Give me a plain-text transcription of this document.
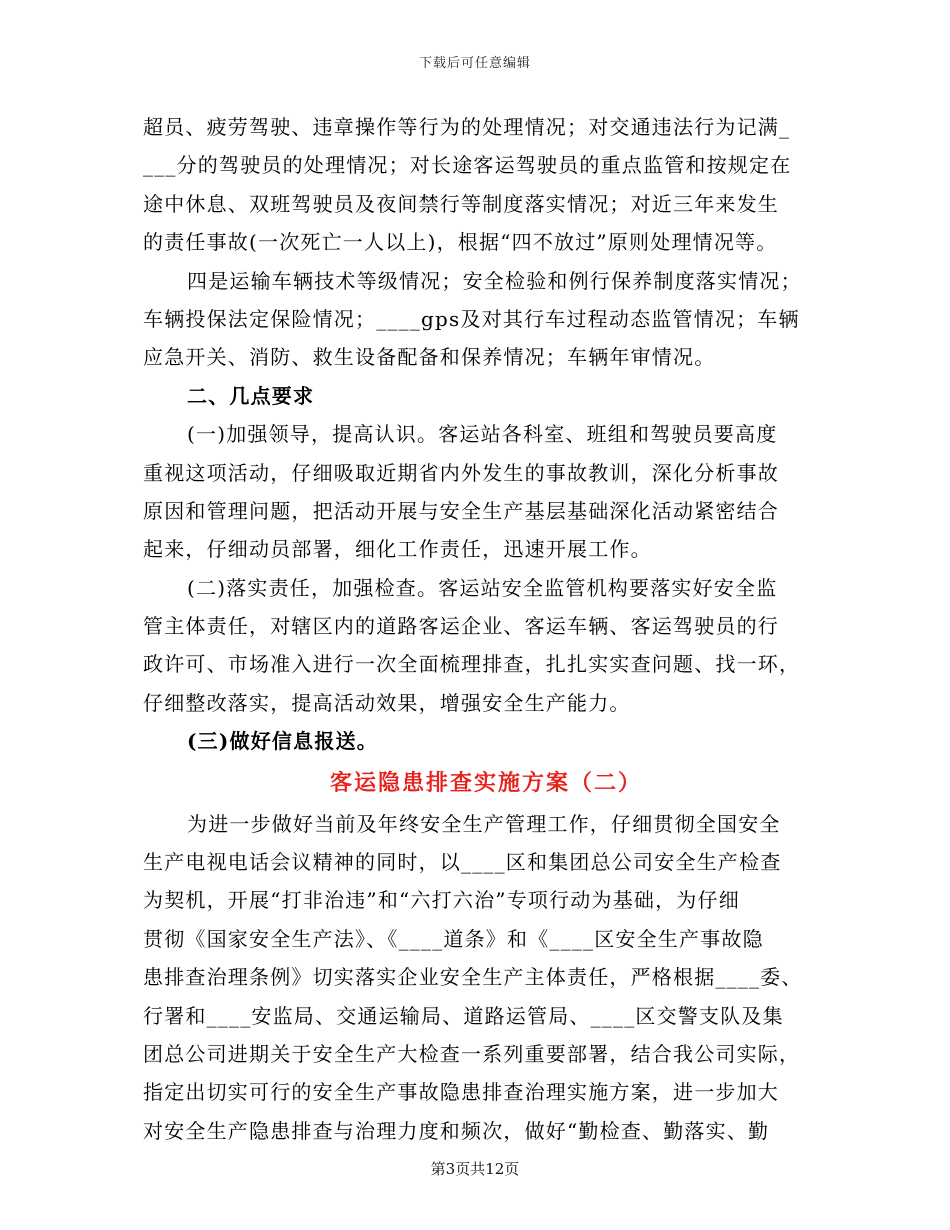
下载后可任意编辑
超员、疲劳驾驶、违章操作等行为的处理情况；对交通违法行为记满_
___分的驾驶员的处理情况；对长途客运驾驶员的重点监管和按规定在
途中休息、双班驾驶员及夜间禁行等制度落实情况；对近三年来发生
的责任事故(一次死亡一人以上)，根据“四不放过”原则处理情况等。
四是运输车辆技术等级情况；安全检验和例行保养制度落实情况；
车辆投保法定保险情况；____gps及对其行车过程动态监管情况；车辆
应急开关、消防、救生设备配备和保养情况；车辆年审情况。
二、几点要求
(一)加强领导，提高认识。客运站各科室、班组和驾驶员要高度
重视这项活动，仔细吸取近期省内外发生的事故教训，深化分析事故
原因和管理问题，把活动开展与安全生产基层基础深化活动紧密结合
起来，仔细动员部署，细化工作责任，迅速开展工作。
(二)落实责任，加强检查。客运站安全监管机构要落实好安全监
管主体责任，对辖区内的道路客运企业、客运车辆、客运驾驶员的行
政许可、市场准入进行一次全面梳理排查，扎扎实实查问题、找一环，
仔细整改落实，提高活动效果，增强安全生产能力。
(三)做好信息报送。
客运隐患排查实施方案（二）
为进一步做好当前及年终安全生产管理工作，仔细贯彻全国安全
生产电视电话会议精神的同时，以____区和集团总公司安全生产检查
为契机，开展“打非治违”和“六打六治”专项行动为基础，为仔细
贯彻《国家安全生产法》、《____道条》和《____区安全生产事故隐
患排查治理条例》切实落实企业安全生产主体责任，严格根据____委、
行署和____安监局、交通运输局、道路运管局、____区交警支队及集
团总公司进期关于安全生产大检查一系列重要部署，结合我公司实际，
指定出切实可行的安全生产事故隐患排查治理实施方案，进一步加大
对安全生产隐患排查与治理力度和频次，做好“勤检查、勤落实、勤
第3页共12页
